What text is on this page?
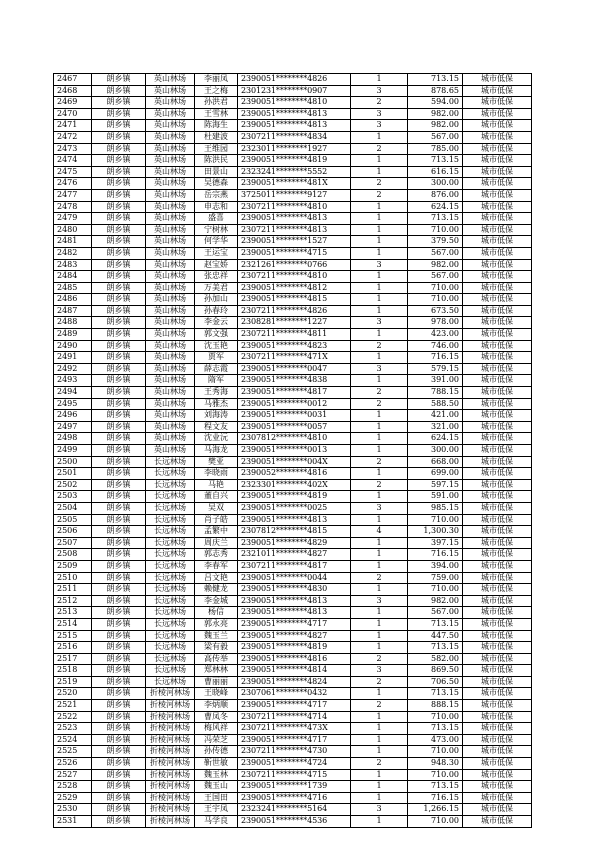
2467	朗乡镇	英山林场	李丽凤	2390051********4826	1	713.15	城市低保
2468	朗乡镇	英山林场	王之梅	2301231********0907	3	878.65	城市低保
2469	朗乡镇	英山林场	孙洪君	2390051********4810	2	594.00	城市低保
2470	朗乡镇	英山林场	王雪林	2390051********4813	3	982.00	城市低保
2471	朗乡镇	英山林场	陈海生	2390051********4813	3	982.00	城市低保
2472	朗乡镇	英山林场	杜建波	2307211********4834	1	567.00	城市低保
2473	朗乡镇	英山林场	王维园	2323011********1927	2	785.00	城市低保
2474	朗乡镇	英山林场	陈洪民	2390051********4819	1	713.15	城市低保
2475	朗乡镇	英山林场	田景山	2323241********5552	1	616.15	城市低保
2476	朗乡镇	英山林场	吴德森	2390051********481X	2	300.00	城市低保
2477	朗乡镇	英山林场	岳宗燕	3725011********9127	2	876.00	城市低保
2478	朗乡镇	英山林场	申志和	2307211********4810	1	624.15	城市低保
2479	朗乡镇	英山林场	盛喜	2390051********4813	1	713.15	城市低保
2480	朗乡镇	英山林场	宁树林	2307211********4813	1	710.00	城市低保
2481	朗乡镇	英山林场	何学华	2390051********1527	1	379.50	城市低保
2482	朗乡镇	英山林场	王运宝	2390051********4715	1	567.00	城市低保
2483	朗乡镇	英山林场	赵宝娇	2321261********0766	3	982.00	城市低保
2484	朗乡镇	英山林场	张忠祥	2307211********4810	1	567.00	城市低保
2485	朗乡镇	英山林场	万美君	2390051********4812	1	710.00	城市低保
2486	朗乡镇	英山林场	孙加山	2390051********4815	1	710.00	城市低保
2487	朗乡镇	英山林场	孙春玲	2307211********4826	1	673.50	城市低保
2488	朗乡镇	英山林场	李金云	2308281********1227	3	978.00	城市低保
2489	朗乡镇	英山林场	郭文强	2307211********4811	1	423.00	城市低保
2490	朗乡镇	英山林场	沈玉艳	2390051********4823	2	746.00	城市低保
2491	朗乡镇	英山林场	贾军	2307211********471X	1	716.15	城市低保
2492	朗乡镇	英山林场	薛志霞	2390051********0047	3	579.15	城市低保
2493	朗乡镇	英山林场	隋军	2390051********4838	1	391.00	城市低保
2494	朗乡镇	英山林场	王秀海	2390051********4817	2	788.15	城市低保
2495	朗乡镇	英山林场	马雅杰	2390051********0012	2	588.50	城市低保
2496	朗乡镇	英山林场	刘海涛	2390051********0031	1	421.00	城市低保
2497	朗乡镇	英山林场	程文友	2390051********0057	1	321.00	城市低保
2498	朗乡镇	英山林场	沈业沅	2307812********4810	1	624.15	城市低保
2499	朗乡镇	英山林场	马海龙	2390051********0013	1	300.00	城市低保
2500	朗乡镇	长远林场	樊亚	2390051********004X	2	668.00	城市低保
2501	朗乡镇	长远林场	李晓雨	2390052********4816	1	699.00	城市低保
2502	朗乡镇	长远林场	马艳	2323301********402X	2	597.15	城市低保
2503	朗乡镇	长远林场	董自兴	2390051********4819	1	591.00	城市低保
2504	朗乡镇	长远林场	吴双	2390051********0025	3	985.15	城市低保
2505	朗乡镇	长远林场	肖子皓	2390051********4813	1	710.00	城市低保
2506	朗乡镇	长远林场	孟繁中	2307812********4815	4	1,300.30	城市低保
2507	朗乡镇	长远林场	周庆兰	2390051********4829	1	397.15	城市低保
2508	朗乡镇	长远林场	郭志秀	2321011********4827	1	716.15	城市低保
2509	朗乡镇	长远林场	李春军	2307211********4817	1	394.00	城市低保
2510	朗乡镇	长远林场	吕文艳	2390051********0044	2	759.00	城市低保
2511	朗乡镇	长远林场	赖健龙	2390051********4830	1	710.00	城市低保
2512	朗乡镇	长远林场	李金城	2390051********4813	3	982.00	城市低保
2513	朗乡镇	长远林场	杨信	2390051********4813	1	567.00	城市低保
2514	朗乡镇	长远林场	郭永亮	2390051********4717	1	713.15	城市低保
2515	朗乡镇	长远林场	魏玉兰	2390051********4827	1	447.50	城市低保
2516	朗乡镇	长远林场	梁有毅	2390051********4819	1	713.15	城市低保
2517	朗乡镇	长远林场	高传举	2390051********4816	2	582.00	城市低保
2518	朗乡镇	长远林场	郑林林	2390051********4814	3	869.50	城市低保
2519	朗乡镇	长远林场	曹丽丽	2390051********4824	2	706.50	城市低保
2520	朗乡镇	折棱河林场	王晓峰	2307061********0432	1	713.15	城市低保
2521	朗乡镇	折棱河林场	李炳顺	2390051********4717	2	888.15	城市低保
2522	朗乡镇	折棱河林场	曹凤冬	2307211********4714	1	710.00	城市低保
2523	朗乡镇	折棱河林场	梅风祥	2307211********473X	1	713.15	城市低保
2524	朗乡镇	折棱河林场	冯荣芝	2390051********4717	1	473.00	城市低保
2525	朗乡镇	折棱河林场	孙传德	2307211********4730	1	710.00	城市低保
2526	朗乡镇	折棱河林场	靳世敏	2390051********4724	2	948.30	城市低保
2527	朗乡镇	折棱河林场	魏玉林	2307211********4715	1	710.00	城市低保
2528	朗乡镇	折棱河林场	魏玉山	2390051********1739	1	713.15	城市低保
2529	朗乡镇	折棱河林场	王国田	2390051********4716	1	716.15	城市低保
2530	朗乡镇	折棱河林场	王宇凤	2323241********5164	3	1,266.15	城市低保
2531	朗乡镇	折棱河林场	马学良	2390051********4536	1	710.00	城市低保
